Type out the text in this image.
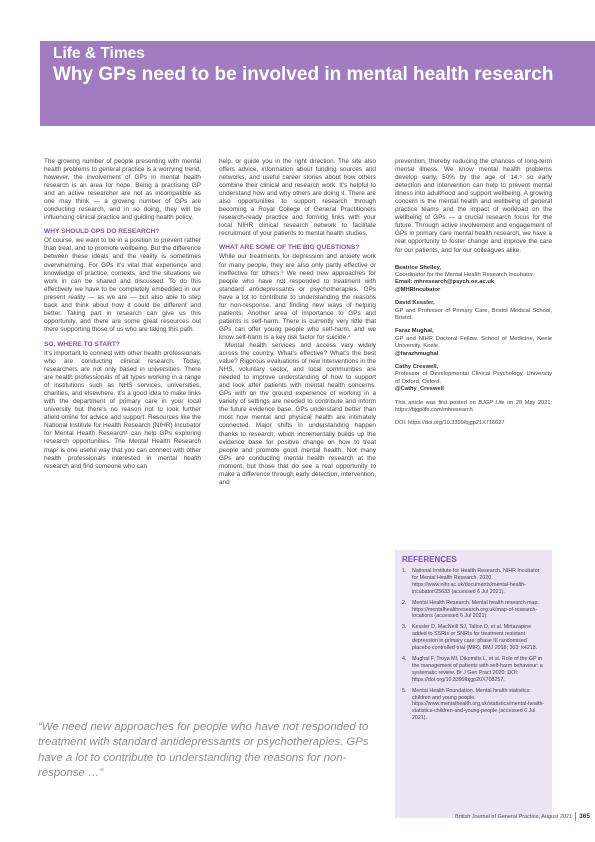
Life & Times
Why GPs need to be involved in mental health research

The growing number of people presenting with mental health problems to general practice is a worrying trend, however, the involvement of GPs in mental health research is an area for hope. Being a practising GP and an active researcher are not as incompatible as one may think — a growing number of GPs are conducting research, and in so doing, they will be influencing clinical practice and guiding health policy.

WHY SHOULD GPS DO RESEARCH?

Of course, we want to be in a position to prevent rather than treat, and to promote wellbeing. But the difference between these ideals and the reality is sometimes overwhelming. For GPs it's vital that experience and knowledge of practice, contexts, and the situations we work in can be shared and discussed. To do this effectively we have to be completely embedded in our present reality — as we are — but also able to step back and think about how it could be different and better. Taking part in research can give us this opportunity, and there are some great resources out there supporting those of us who are taking this path.

SO, WHERE TO START?

It's important to connect with other health professionals who are conducting clinical research. Today, researchers are not only based in universities. There are health professionals of all types working in a range of institutions such as NHS services, universities, charities, and elsewhere. It's a good idea to make links with the department of primary care in your local university but there's no reason not to look further afield online for advice and support. Resources like the National Institute for Health Research (NIHR) Incubator for Mental Health Research¹ can help GPs exploring research opportunities. The Mental Health Research map² is one useful way that you can connect with other health professionals interested in mental health research and find someone who can

help, or guide you in the right direction. The site also offers advice, information about funding sources and networks, and useful career stories about how others combine their clinical and research work. It's helpful to understand how and why others are doing it. There are also opportunities to support research through becoming a Royal College of General Practitioners research-ready practice and forming links with your local NIHR clinical research network to facilitate recruitment of your patients to mental health studies.

WHAT ARE SOME OF THE BIG QUESTIONS?

While our treatments for depression and anxiety work for many people, they are also only partly effective or ineffective for others.³ We need new approaches for people who have not responded to treatment with standard antidepressants or psychotherapies. GPs have a lot to contribute to understanding the reasons for non-response, and finding new ways of helping patients. Another area of importance to GPs and patients is self-harm. There is currently very little that GPs can offer young people who self-harm, and we know self-harm is a key risk factor for suicide.⁴

Mental health services and access vary widely across the country. What's effective? What's the best value? Rigorous evaluations of new interventions in the NHS, voluntary sector, and local communities are needed to improve understanding of how to support and look after patients with mental health concerns. GPs with on the ground experience of working in a variety of settings are needed to contribute and inform the future evidence base. GPs understand better than most how mental and physical health are intimately connected. Major shifts in understanding happen thanks to research, which incrementally builds up the evidence base for positive change on how to treat people and promote good mental health. Not many GPs are conducting mental health research at the moment, but those that do see a real opportunity to make a difference through early detection, intervention, and

prevention, thereby reducing the chances of long-term mental illness. We know mental health problems develop early, 50% by the age of 14,⁵ so early detection and intervention can help to prevent mental illness into adulthood and support wellbeing. A growing concern is the mental health and wellbeing of general practice teams and the impact of workload on the wellbeing of GPs — a crucial research focus for the future. Through active involvement and engagement of GPs in primary care mental health research, we have a real opportunity to foster change and improve the care for our patients, and for our colleagues alike.

Beatrice Shelley,
Coordinator for the Mental Health Research Incubator.
Email: mhresearch@psych.ox.ac.uk
@MHRIncubator
David Kessler,
GP and Professor of Primary Care, Bristol Medical School, Bristol.
Faraz Mughal,
GP and NIHR Doctoral Fellow, School of Medicine, Keele University, Keele.
@farazhmughal
Cathy Creswell,
Professor of Developmental Clinical Psychology, University of Oxford, Oxford.
@Cathy_Creswell

This article was first posted on BJGP Life on 28 May 2021; https://bjgplife.com/mhresearch

DOI: https://doi.org/10.3399/bjgp21X716627

REFERENCES
1. National Institute for Health Research. NIHR Incubator for Mental Health Research. 2020. https://www.nihr.ac.uk/documents/mental-health-incubator/25633 (accessed 6 Jul 2021).
2. Mental Health Research. Mental health research map. https://mentalhealthresearch.org.uk/map-of-research-locations (accessed 6 Jul 2021).
3. Kessler D, MacNeill SJ, Tallon D, et al. Mirtazapine added to SSRIs or SNRIs for treatment resistant depression in primary care: phase III randomised placebo controlled trial (MIR). BMJ 2018; 363: k4218.
4. Mughal F, Troya MI, Dikomitis L, et al. Role of the GP in the management of patients with self-harm behaviour: a systematic review. Br J Gen Pract 2020; DOI: https://doi.org/10.3399/bjgp20X708257.
5. Mental Health Foundation. Mental health statistics: children and young people. https://www.mentalhealth.org.uk/statistics/mental-health-statistics-children-and-young-people (accessed 6 Jul 2021).
“We need new approaches for people who have not responded to treatment with standard antidepressants or psychotherapies. GPs have a lot to contribute to understanding the reasons for non-response …”
British Journal of General Practice, August 2021 365
